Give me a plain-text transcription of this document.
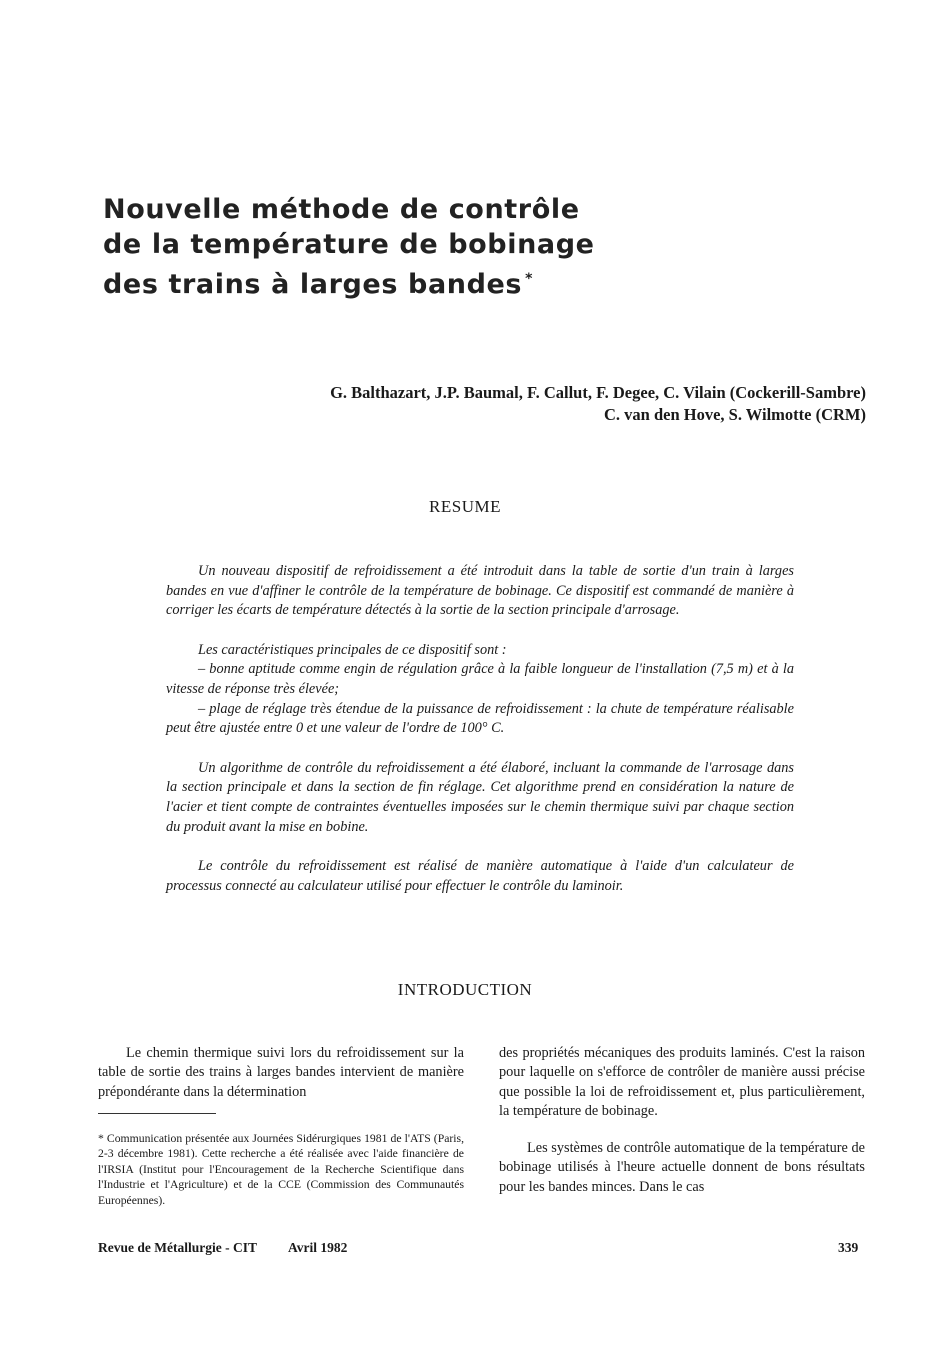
Nouvelle méthode de contrôle
de la température de bobinage
des trains à larges bandes *
G. Balthazart, J.P. Baumal, F. Callut, F. Degee, C. Vilain (Cockerill-Sambre)
C. van den Hove, S. Wilmotte (CRM)
RESUME

Un nouveau dispositif de refroidissement a été introduit dans la table de sortie d'un train à larges bandes en vue d'affiner le contrôle de la température de bobinage. Ce dispositif est commandé de manière à corriger les écarts de température détectés à la sortie de la section principale d'arrosage.

Les caractéristiques principales de ce dispositif sont :
– bonne aptitude comme engin de régulation grâce à la faible longueur de l'installation (7,5 m) et à la vitesse de réponse très élevée;
– plage de réglage très étendue de la puissance de refroidissement : la chute de température réalisable peut être ajustée entre 0 et une valeur de l'ordre de 100° C.

Un algorithme de contrôle du refroidissement a été élaboré, incluant la commande de l'arrosage dans la section principale et dans la section de fin réglage. Cet algorithme prend en considération la nature de l'acier et tient compte de contraintes éventuelles imposées sur le chemin thermique suivi par chaque section du produit avant la mise en bobine.

Le contrôle du refroidissement est réalisé de manière automatique à l'aide d'un calculateur de processus connecté au calculateur utilisé pour effectuer le contrôle du laminoir.

INTRODUCTION

Le chemin thermique suivi lors du refroidissement sur la table de sortie des trains à larges bandes intervient de manière prépondérante dans la détermination

* Communication présentée aux Journées Sidérurgiques 1981 de l'ATS (Paris, 2-3 décembre 1981). Cette recherche a été réalisée avec l'aide financière de l'IRSIA (Institut pour l'Encouragement de la Recherche Scientifique dans l'Industrie et l'Agriculture) et de la CCE (Commission des Communautés Européennes).

des propriétés mécaniques des produits laminés. C'est la raison pour laquelle on s'efforce de contrôler de manière aussi précise que possible la loi de refroidissement et, plus particulièrement, la température de bobinage.

Les systèmes de contrôle automatique de la température de bobinage utilisés à l'heure actuelle donnent de bons résultats pour les bandes minces. Dans le cas

Revue de Métallurgie - CIT Avril 1982	339
